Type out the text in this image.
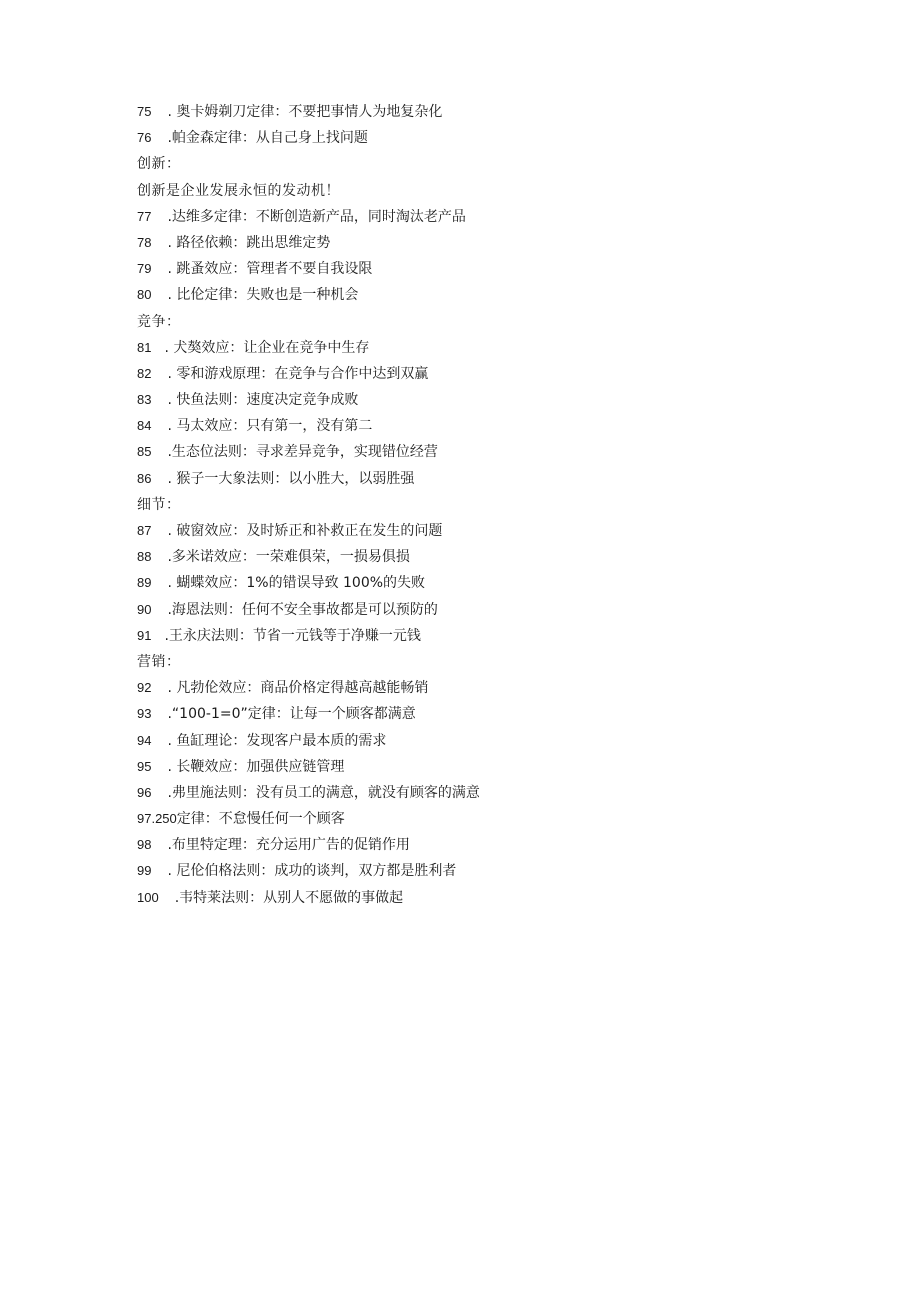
75 . 奥卡姆剃刀定律：不要把事情人为地复杂化
76 .帕金森定律：从自己身上找问题
创新：
创新是企业发展永恒的发动机！
77 .达维多定律：不断创造新产品，同时淘汰老产品
78 . 路径依赖：跳出思维定势
79 . 跳蚤效应：管理者不要自我设限
80 . 比伦定律：失败也是一种机会
竞争：
81 . 犬獒效应：让企业在竞争中生存
82 . 零和游戏原理：在竞争与合作中达到双赢
83 . 快鱼法则：速度决定竞争成败
84 . 马太效应：只有第一，没有第二
85 .生态位法则：寻求差异竞争，实现错位经营
86 . 猴子一大象法则：以小胜大，以弱胜强
细节：
87 . 破窗效应：及时矫正和补救正在发生的问题
88 .多米诺效应：一荣难俱荣，一损易俱损
89 . 蝴蝶效应：1%的错误导致 100%的失败
90 .海恩法则：任何不安全事故都是可以预防的
91 .王永庆法则：节省一元钱等于净赚一元钱
营销：
92 . 凡勃伦效应：商品价格定得越高越能畅销
93 .“100-1=0”定律：让每一个顾客都满意
94 . 鱼缸理论：发现客户最本质的需求
95 . 长鞭效应：加强供应链管理
96 .弗里施法则：没有员工的满意，就没有顾客的满意
97.250定律：不怠慢任何一个顾客
98 .布里特定理：充分运用广告的促销作用
99 . 尼伦伯格法则：成功的谈判，双方都是胜利者
100 .韦特莱法则：从别人不愿做的事做起
